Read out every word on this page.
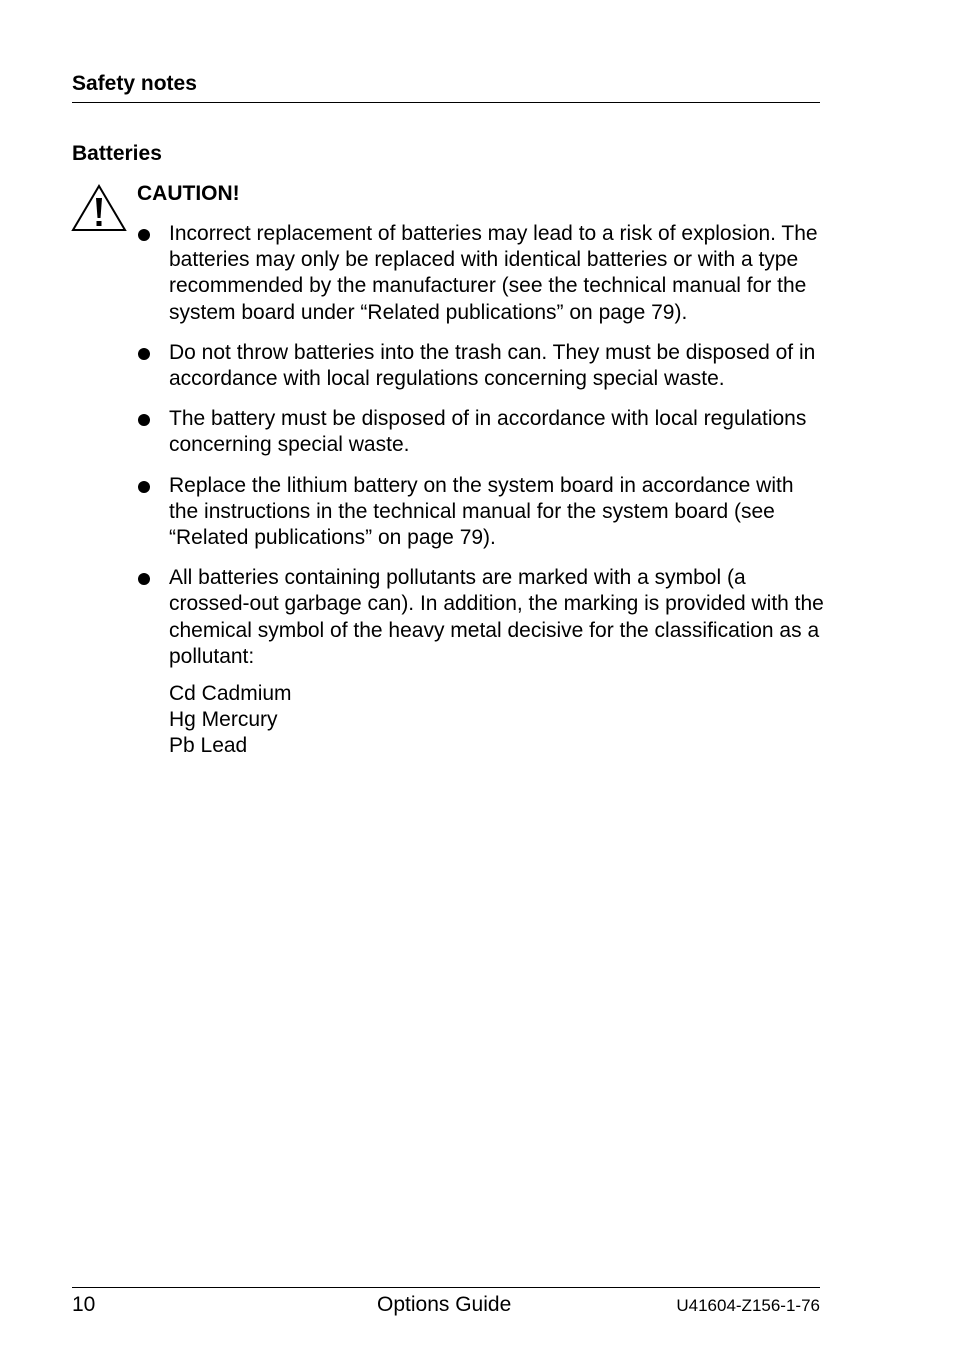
Safety notes
Batteries
CAUTION!
Incorrect replacement of batteries may lead to a risk of explosion. The batteries may only be replaced with identical batteries or with a type recommended by the manufacturer (see the technical manual for the system board under “Related publications” on page 79).
Do not throw batteries into the trash can. They must be disposed of in accordance with local regulations concerning special waste.
The battery must be disposed of in accordance with local regulations concerning special waste.
Replace the lithium battery on the system board in accordance with the instructions in the technical manual for the system board (see “Related publications” on page 79).
All batteries containing pollutants are marked with a symbol (a crossed-out garbage can). In addition, the marking is provided with the chemical symbol of the heavy metal decisive for the classification as a pollutant:
Cd Cadmium
Hg Mercury
Pb Lead
10	Options Guide	U41604-Z156-1-76
